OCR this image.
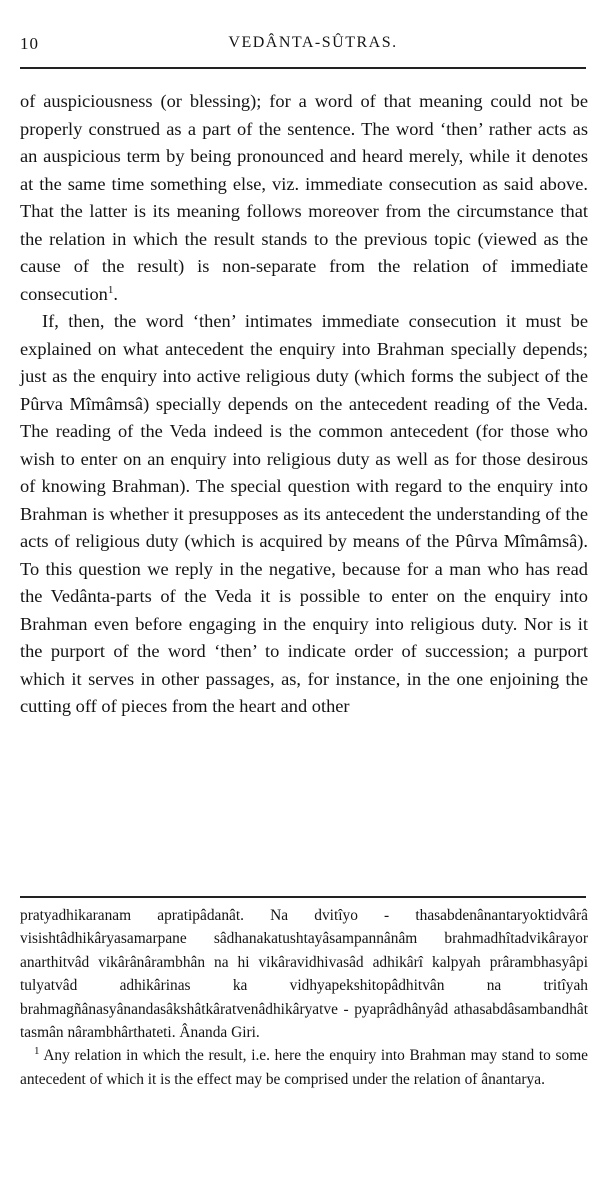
10	VEDÂNTA-SÛTRAS.

of auspiciousness (or blessing); for a word of that meaning could not be properly construed as a part of the sentence. The word ‘then’ rather acts as an auspicious term by being pronounced and heard merely, while it denotes at the same time something else, viz. immediate consecution as said above. That the latter is its meaning follows moreover from the circumstance that the relation in which the result stands to the previous topic (viewed as the cause of the result) is non-separate from the relation of immediate consecution$^1$.

If, then, the word ‘then’ intimates immediate consecution it must be explained on what antecedent the enquiry into Brahman specially depends; just as the enquiry into active religious duty (which forms the subject of the Pûrva Mîmâmsâ) specially depends on the antecedent reading of the Veda. The reading of the Veda indeed is the common antecedent (for those who wish to enter on an enquiry into religious duty as well as for those desirous of knowing Brahman). The special question with regard to the enquiry into Brahman is whether it presupposes as its antecedent the understanding of the acts of religious duty (which is acquired by means of the Pûrva Mîmâmsâ). To this question we reply in the negative, because for a man who has read the Vedânta-parts of the Veda it is possible to enter on the enquiry into Brahman even before engaging in the enquiry into religious duty. Nor is it the purport of the word ‘then’ to indicate order of succession; a purport which it serves in other passages, as, for instance, in the one enjoining the cutting off of pieces from the heart and other

pratyadhikaranam apratipâdanât. Na dvitîyo ‑ thasabdenânantaryoktidvârâ visishtâdhikâryasamarpane sâdhanakatushtayâsampannânâm brahmadhîtadvikârayor anarthitvâd vikârânârambhân na hi vikâravidhivasâd adhikârî kalpyah prârambhasyâpi tulyatvâd adhikârinas ka vidhyapekshitopâdhitvân na tritîyah brahmagñânasyânandasâkshâtkâratvenâdhikâryatve ‑ pyaprâdhânyâd athasabdâsambandhât tasmân nârambhârthateti. Ânanda Giri.

$^1$ Any relation in which the result, i.e. here the enquiry into Brahman may stand to some antecedent of which it is the effect may be comprised under the relation of ânantarya.
